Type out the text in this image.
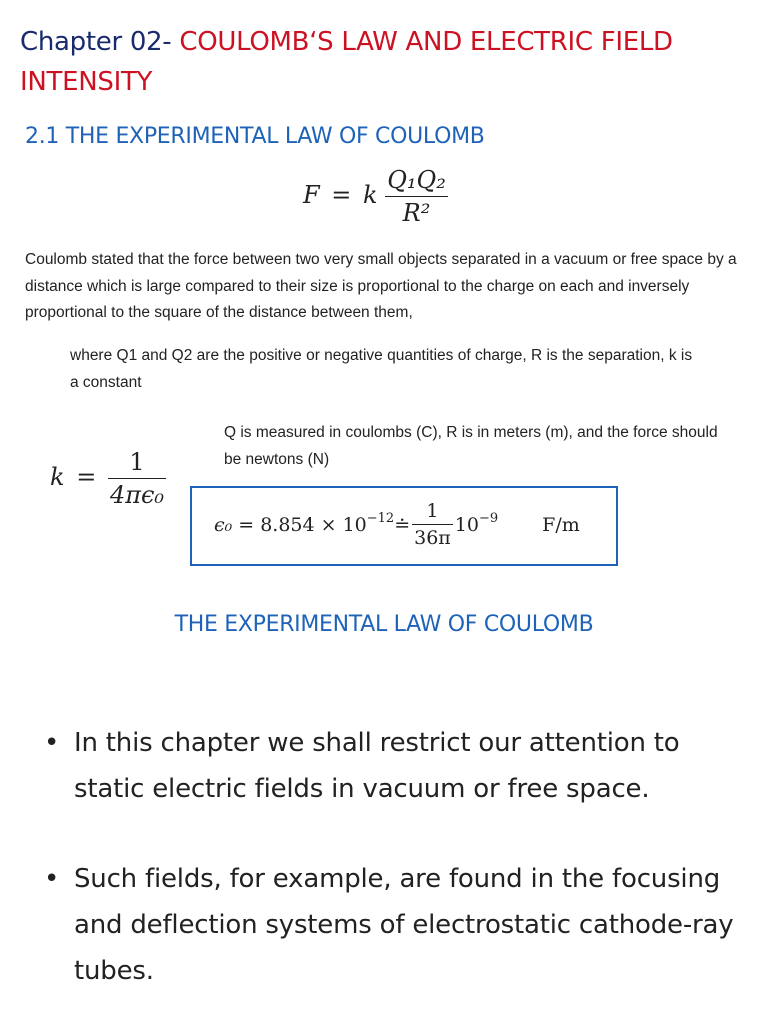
Chapter 02- COULOMB‘S LAW AND ELECTRIC FIELD INTENSITY
2.1 THE EXPERIMENTAL LAW OF COULOMB
F = k $\frac{\text{Q₁Q₂}}{\text{R²}}$
Coulomb stated that the force between two very small objects separated in a vacuum or free space by a distance which is large compared to their size is proportional to the charge on each and inversely proportional to the square of the distance between them,
where Q1 and Q2 are the positive or negative quantities of charge, R is the separation, k is a constant
Q is measured in coulombs (C), R is in meters (m), and the force should be newtons (N)
$k = \frac{1}{\text{4πϵ₀}}$
$\epsilon_0 = 8.854 \times 10^{-12}$ ≐ $\frac{1}{36\pi} 10^{-9}$ F/m
THE EXPERIMENTAL LAW OF COULOMB
• In this chapter we shall restrict our attention to static electric fields in vacuum or free space.
• Such fields, for example, are found in the focusing and deflection systems of electrostatic cathode-ray tubes.
